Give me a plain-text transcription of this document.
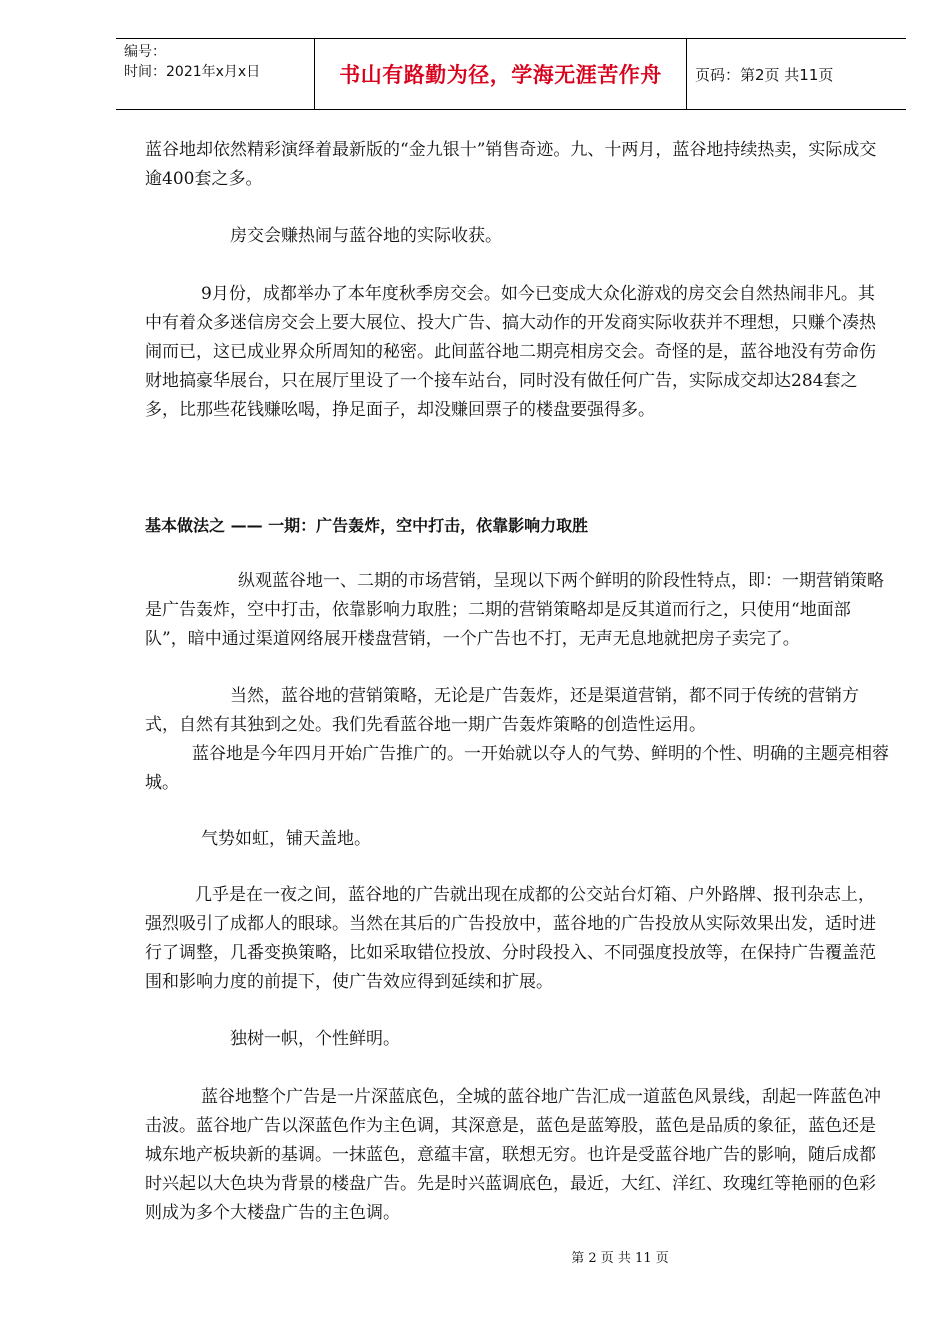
编号：
时间：2021年x月x日	书山有路勤为径，学海无涯苦作舟	页码：第2页 共11页

蓝谷地却依然精彩演绎着最新版的“金九银十”销售奇迹。九、十两月，蓝谷地持续热卖，实际成交逾400套之多。

房交会赚热闹与蓝谷地的实际收获。

9月份，成都举办了本年度秋季房交会。如今已变成大众化游戏的房交会自然热闹非凡。其中有着众多迷信房交会上要大展位、投大广告、搞大动作的开发商实际收获并不理想，只赚个凑热闹而已，这已成业界众所周知的秘密。此间蓝谷地二期亮相房交会。奇怪的是，蓝谷地没有劳命伤财地搞豪华展台，只在展厅里设了一个接车站台，同时没有做任何广告，实际成交却达284套之多，比那些花钱赚吆喝，挣足面子，却没赚回票子的楼盘要强得多。

基本做法之 —— 一期：广告轰炸，空中打击，依靠影响力取胜

纵观蓝谷地一、二期的市场营销，呈现以下两个鲜明的阶段性特点，即：一期营销策略是广告轰炸，空中打击，依靠影响力取胜；二期的营销策略却是反其道而行之，只使用“地面部队”，暗中通过渠道网络展开楼盘营销，一个广告也不打，无声无息地就把房子卖完了。

当然，蓝谷地的营销策略，无论是广告轰炸，还是渠道营销，都不同于传统的营销方式，自然有其独到之处。我们先看蓝谷地一期广告轰炸策略的创造性运用。

蓝谷地是今年四月开始广告推广的。一开始就以夺人的气势、鲜明的个性、明确的主题亮相蓉城。

气势如虹，铺天盖地。

几乎是在一夜之间，蓝谷地的广告就出现在成都的公交站台灯箱、户外路牌、报刊杂志上，强烈吸引了成都人的眼球。当然在其后的广告投放中，蓝谷地的广告投放从实际效果出发，适时进行了调整，几番变换策略，比如采取错位投放、分时段投入、不同强度投放等，在保持广告覆盖范围和影响力度的前提下，使广告效应得到延续和扩展。

独树一帜，个性鲜明。

蓝谷地整个广告是一片深蓝底色，全城的蓝谷地广告汇成一道蓝色风景线，刮起一阵蓝色冲击波。蓝谷地广告以深蓝色作为主色调，其深意是，蓝色是蓝筹股，蓝色是品质的象征，蓝色还是城东地产板块新的基调。一抹蓝色，意蕴丰富，联想无穷。也许是受蓝谷地广告的影响，随后成都时兴起以大色块为背景的楼盘广告。先是时兴蓝调底色，最近，大红、洋红、玫瑰红等艳丽的色彩则成为多个大楼盘广告的主色调。

第 2 页 共 11 页
